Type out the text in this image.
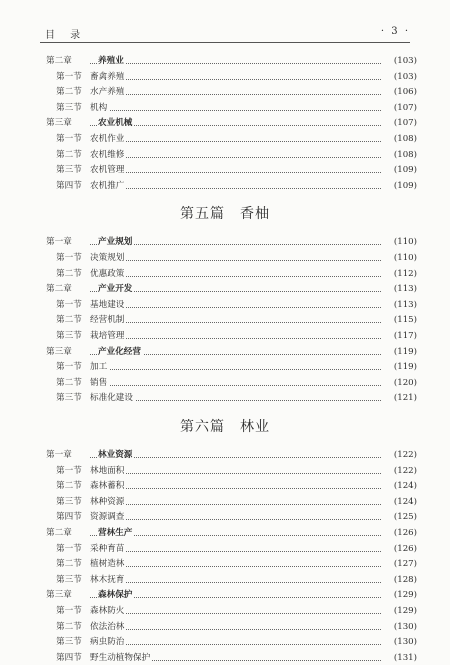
目 录	· 3 ·
第二章	养殖业	(103)
第一节 畜禽养殖	(103)
第二节 水产养殖	(106)
第三节 机构	(107)
第三章	农业机械	(107)
第一节 农机作业	(108)
第二节 农机维修	(108)
第三节 农机管理	(109)
第四节 农机推广	(109)
第五篇　香柚
第一章	产业规划	(110)
第一节 决策规划	(110)
第二节 优惠政策	(112)
第二章	产业开发	(113)
第一节 基地建设	(113)
第二节 经营机制	(115)
第三节 栽培管理	(117)
第三章	产业化经营	(119)
第一节 加工	(119)
第二节 销售	(120)
第三节 标准化建设	(121)
第六篇　林业
第一章	林业资源	(122)
第一节 林地面积	(122)
第二节 森林蓄积	(124)
第三节 林种资源	(124)
第四节 资源调查	(125)
第二章	营林生产	(126)
第一节 采种育苗	(126)
第二节 植树造林	(127)
第三节 林木抚育	(128)
第三章	森林保护	(129)
第一节 森林防火	(129)
第二节 依法治林	(130)
第三节 病虫防治	(130)
第四节 野生动植物保护	(131)
